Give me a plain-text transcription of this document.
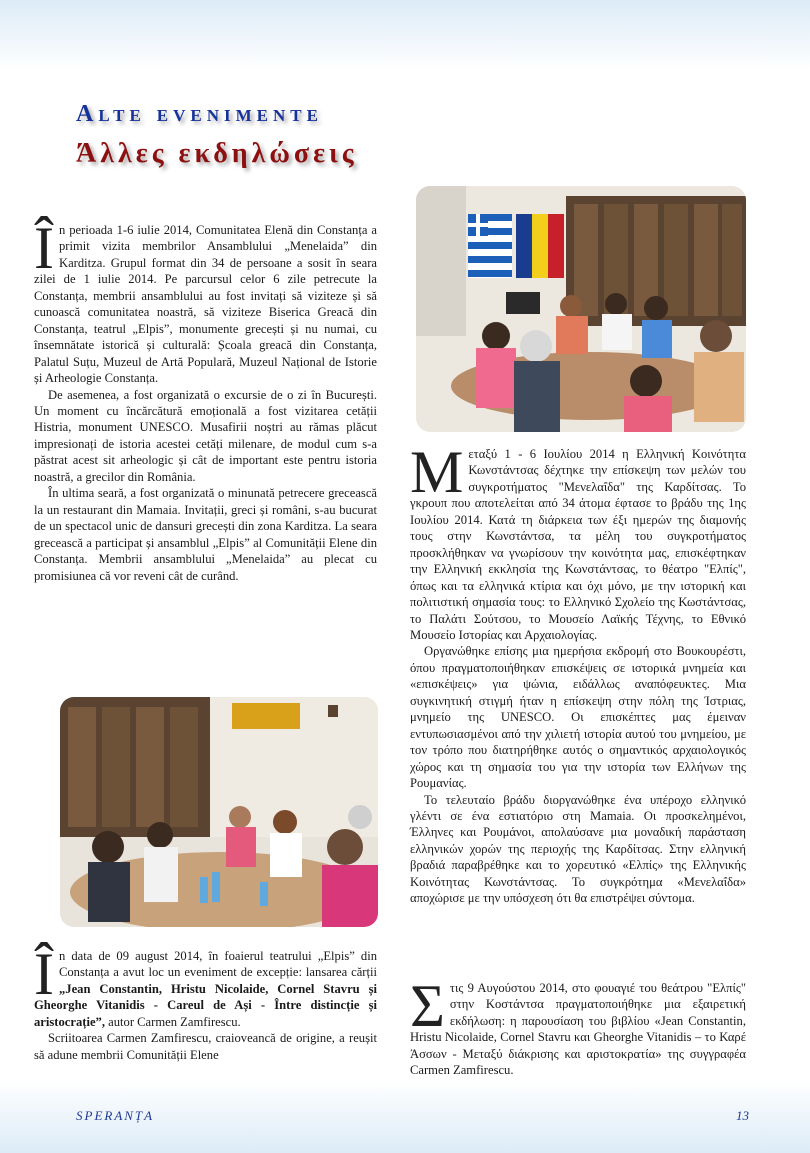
Alte evenimente
Άλλες εκδηλώσεις

În perioada 1-6 iulie 2014, Comunitatea Elenă din Constanța a primit vizita membrilor Ansamblului „Menelaida” din Karditza. Grupul format din 34 de persoane a sosit în seara zilei de 1 iulie 2014. Pe parcursul celor 6 zile petrecute la Constanța, membrii ansamblului au fost invitați să viziteze și să cunoască comunitatea noastră, să viziteze Biserica Greacă din Constanța, teatrul „Elpis”, monumente grecești și nu numai, cu însemnătate istorică și culturală: Școala greacă din Constanța, Palatul Suțu, Muzeul de Artă Populară, Muzeul Național de Istorie și Arheologie Constanța.

De asemenea, a fost organizată o excursie de o zi în București. Un moment cu încărcătură emoțională a fost vizitarea cetății Histria, monument UNESCO. Musafirii noștri au rămas plăcut impresionați de istoria acestei cetăți milenare, de modul cum s-a păstrat acest sit arheologic și cât de important este pentru istoria noastră, a grecilor din România.

În ultima seară, a fost organizată o minunată petrecere grecească la un restaurant din Mamaia. Invitații, greci și români, s-au bucurat de un spectacol unic de dansuri grecești din zona Karditza. La seara grecească a participat și ansamblul „Elpis” al Comunității Elene din Constanța. Membrii ansamblului „Menelaida” au plecat cu promisiunea că vor reveni cât de curând.

În data de 09 august 2014, în foaierul teatrului „Elpis” din Constanța a avut loc un eveniment de excepție: lansarea cărții „Jean Constantin, Hristu Nicolaide, Cornel Stavru și Gheorghe Vitanidis - Careul de Ași - Între distincție și aristocrație”, autor Carmen Zamfirescu.

Scriitoarea Carmen Zamfirescu, craioveancă de origine, a reușit să adune membrii Comunității Elene

Μεταξύ 1 - 6 Ιουλίου 2014 η Ελληνική Κοινότητα Κωνστάντσας δέχτηκε την επίσκεψη των μελών του συγκροτήματος "Μενελαΐδα" της Καρδίτσας. Το γκρουπ που αποτελείται από 34 άτομα έφτασε το βράδυ της 1ης Ιουλίου 2014. Κατά τη διάρκεια των έξι ημερών της διαμονής τους στην Κωνστάντσα, τα μέλη του συγκροτήματος προσκλήθηκαν να γνωρίσουν την κοινότητα μας, επισκέφτηκαν την Ελληνική εκκλησία της Κωνστάντσας, το θέατρο "Ελπίς", όπως και τα ελληνικά κτίρια και όχι μόνο, με την ιστορική και πολιτιστική σημασία τους: το Ελληνικό Σχολείο της Κωστάντσας, το Παλάτι Σούτσου, το Μουσείο Λαϊκής Τέχνης, το Εθνικό Μουσείο Ιστορίας και Αρχαιολογίας.

Οργανώθηκε επίσης μια ημερήσια εκδρομή στο Βουκουρέστι, όπου πραγματοποιήθηκαν επισκέψεις σε ιστορικά μνημεία και «επισκέψεις» για ψώνια, ειδάλλως αναπόφευκτες. Μια συγκινητική στιγμή ήταν η επίσκεψη στην πόλη της Ίστριας, μνημείο της UNESCO. Οι επισκέπτες μας έμειναν εντυπωσιασμένοι από την χιλιετή ιστορία αυτού του μνημείου, με τον τρόπο που διατηρήθηκε αυτός ο σημαντικός αρχαιολογικός χώρος και τη σημασία του για την ιστορία των Ελλήνων της Ρουμανίας.

Το τελευταίο βράδυ διοργανώθηκε ένα υπέροχο ελληνικό γλέντι σε ένα εστιατόριο στη Mamaia. Οι προσκελημένοι, Έλληνες και Ρουμάνοι, απολαύσανε μια μοναδική παράσταση ελληνικών χορών της περιοχής της Καρδίτσας. Στην ελληνική βραδιά παραβρέθηκε και το χορευτικό «Ελπίς» της Ελληνικής Κοινότητας Κωνστάντσας. Το συγκρότημα «Μενελαΐδα» αποχώρισε με την υπόσχεση ότι θα επιστρέψει σύντομα.

Στις 9 Αυγούστου 2014, στο φουαγιέ του θεάτρου "Ελπίς" στην Κοστάντσα πραγματοποιήθηκε μια εξαιρετική εκδήλωση: η παρουσίαση του βιβλίου «Jean Constantin, Hristu Nicolaide, Cornel Stavru και Gheorghe Vitanidis – το Καρέ Άσσων - Μεταξύ διάκρισης και αριστοκρατία» της συγγραφέα Carmen Zamfirescu.

SPERANȚA	13
